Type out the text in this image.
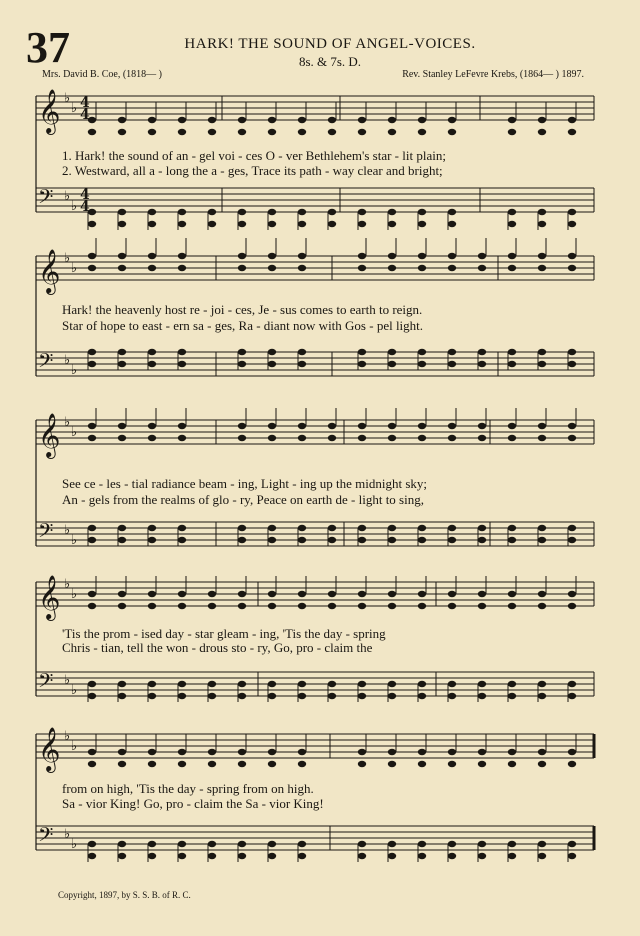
37	HARK! THE SOUND OF ANGEL-VOICES.
8s. & 7s. D.
Mrs. David B. Coe, (1818— )	Rev. Stanley LeFevre Krebs, (1864— ) 1897.
𝄞 ♭
♭
𝄢 ♭
♭
𝄞 ♭
♭
𝄢 ♭
♭
𝄞 ♭
♭
𝄢 ♭
♭
𝄞 ♭
♭
𝄢 ♭
♭
𝄞 ♭
♭
𝄢 ♭
♭
4
4
4
4
1. Hark! the sound of an - gel voi - ces O - ver Bethlehem's star - lit plain;
2. Westward, all a - long the a - ges, Trace its path - way clear and bright;
Hark! the heavenly host re - joi - ces, Je - sus comes to earth to reign.
Star of hope to east - ern sa - ges, Ra - diant now with Gos - pel light.
See ce - les - tial radiance beam - ing, Light - ing up the midnight sky;
An - gels from the realms of glo - ry, Peace on earth de - light to sing,
'Tis the prom - ised day - star gleam - ing, 'Tis the day - spring
Chris - tian, tell the won - drous sto - ry, Go, pro - claim the
from on high, 'Tis the day - spring from on high.
Sa - vior King! Go, pro - claim the Sa - vior King!
Copyright, 1897, by S. S. B. of R. C.
